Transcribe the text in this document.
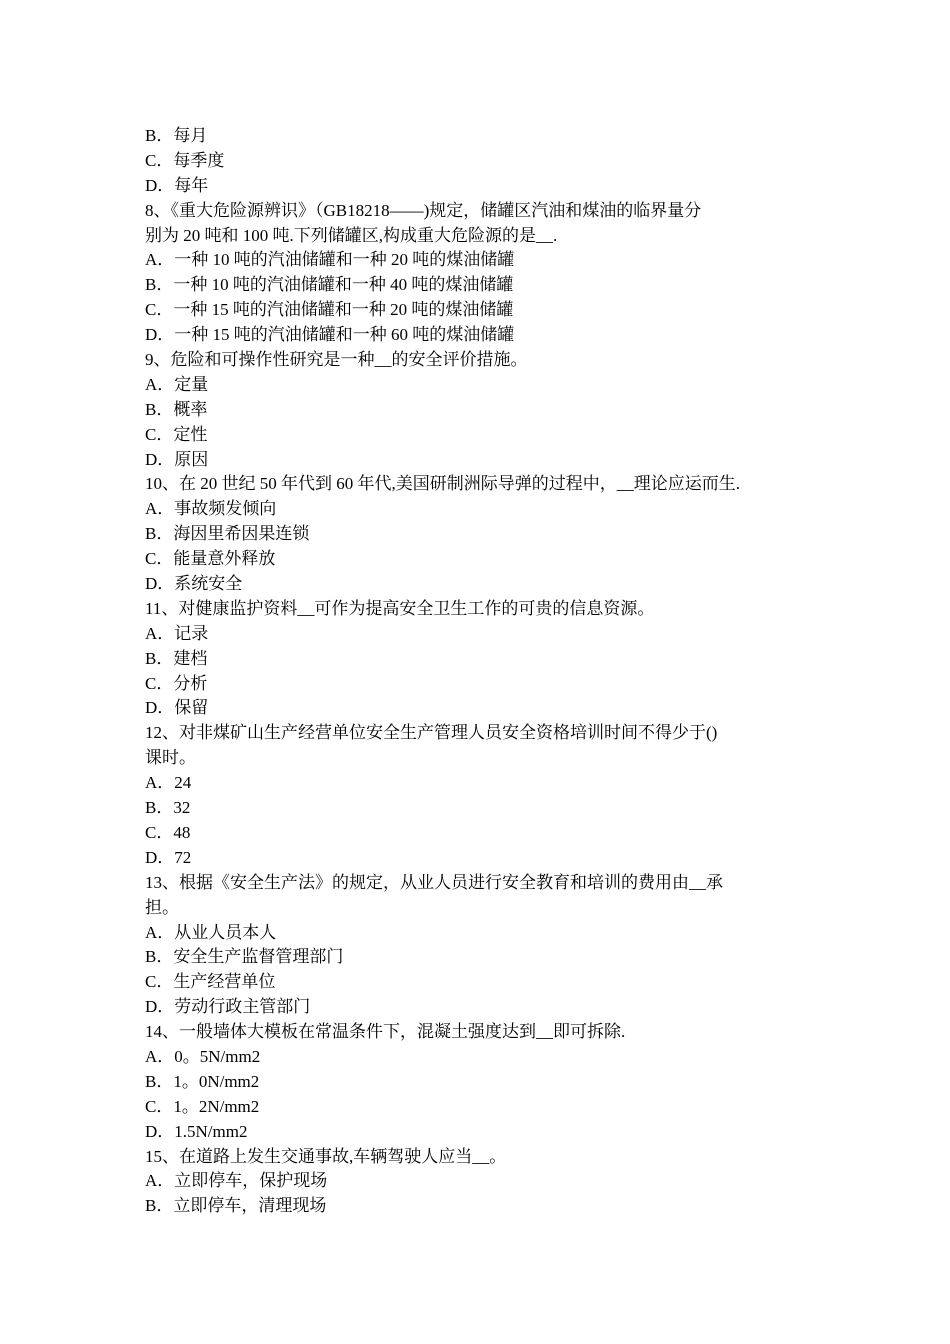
B．每月
C．每季度
D．每年
8、《重大危险源辨识》（GB18218——)规定，储罐区汽油和煤油的临界量分
别为 20 吨和 100 吨.下列储罐区,构成重大危险源的是__.
A．一种 10 吨的汽油储罐和一种 20 吨的煤油储罐
B．一种 10 吨的汽油储罐和一种 40 吨的煤油储罐
C．一种 15 吨的汽油储罐和一种 20 吨的煤油储罐
D．一种 15 吨的汽油储罐和一种 60 吨的煤油储罐
9、危险和可操作性研究是一种__的安全评价措施。
A．定量
B．概率
C．定性
D．原因
10、在 20 世纪 50 年代到 60 年代,美国研制洲际导弹的过程中，__理论应运而生.
A．事故频发倾向
B．海因里希因果连锁
C．能量意外释放
D．系统安全
11、对健康监护资料__可作为提高安全卫生工作的可贵的信息资源。
A．记录
B．建档
C．分析
D．保留
12、对非煤矿山生产经营单位安全生产管理人员安全资格培训时间不得少于()
课时。
A．24
B．32
C．48
D．72
13、根据《安全生产法》的规定，从业人员进行安全教育和培训的费用由__承
担。
A．从业人员本人
B．安全生产监督管理部门
C．生产经营单位
D．劳动行政主管部门
14、一般墙体大模板在常温条件下，混凝土强度达到__即可拆除.
A．0。5N/mm2
B．1。0N/mm2
C．1。2N/mm2
D．1.5N/mm2
15、在道路上发生交通事故,车辆驾驶人应当__。
A．立即停车，保护现场
B．立即停车，清理现场
